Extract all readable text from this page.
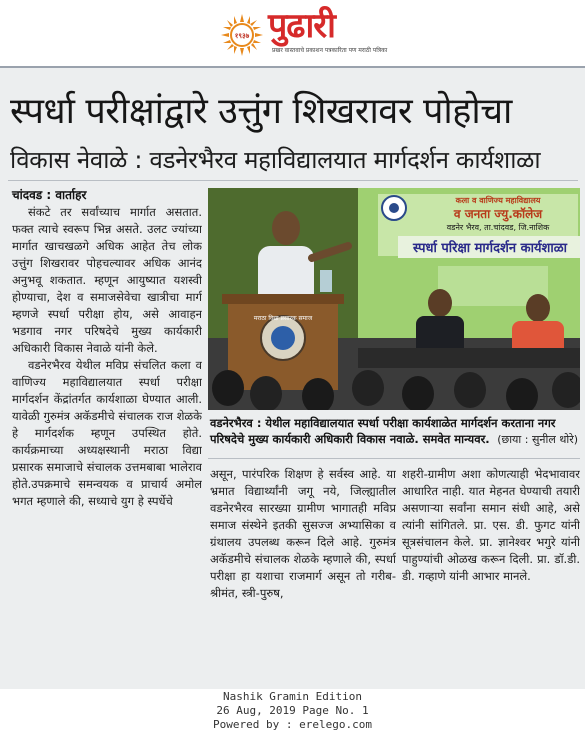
१९३७ पुढारी
प्रखर वास्तवाचे प्रकाशन पत्रकारिता पण मराठी पत्रिका
स्पर्धा परीक्षांद्वारे उत्तुंग शिखरावर पोहोचा
विकास नेवाळे : वडनेरभैरव महाविद्यालयात मार्गदर्शन कार्यशाळा
चांदवड : वार्ताहर

संकटे तर सर्वांच्याच मार्गात असतात. फक्त त्याचे स्वरूप भिन्न असते. उलट ज्यांच्या मार्गात खाचखळगे अधिक आहेत तेच लोक उत्तुंग शिखरावर पोहचल्यावर अधिक आनंद अनुभवू शकतात. म्हणून आयुष्यात यशस्वी होण्याचा, देश व समाजसेवेचा खात्रीचा मार्ग म्हणजे स्पर्धा परीक्षा होय, असे आवाहन भडगाव नगर परिषदेचे मुख्य कार्यकारी अधिकारी विकास नेवाळे यांनी केले.

वडनेरभैरव येथील मविप्र संचलित कला व वाणिज्य महाविद्यालयात स्पर्धा परीक्षा मार्गदर्शन केंद्रांतर्गत कार्यशाळा घेण्यात आली. यावेळी गुरुमंत्र अकॅडमीचे संचालक राज शेळके हे मार्गदर्शक म्हणून उपस्थित होते. कार्यक्रमाच्या अध्यक्षस्थानी मराठा विद्या प्रसारक समाजाचे संचालक उत्तमबाबा भालेराव होते.उपक्रमाचे समन्वयक व प्राचार्य अमोल भगत म्हणाले की, सध्याचे युग हे स्पर्धेचे

कला व वाणिज्य महाविद्यालय
व जनता ज्यु.कॉलेज
वडनेर भैरव, ता.चांदवड, जि.नाशिक
स्पर्धा परिक्षा मार्गदर्शन कार्यशाळा
मराठा विद्या प्रसारक समाज
वडनेरभैरव : येथील महाविद्यालयात स्पर्धा परीक्षा कार्यशाळेत मार्गदर्शन करताना नगर परिषदेचे मुख्य कार्यकारी अधिकारी विकास नवाळे. समवेत मान्यवर. (छाया : सुनील थोरे)
असून, पारंपरिक शिक्षण हे सर्वस्व आहे. या भ्रमात विद्यार्थ्यांनी जगू नये, जिल्ह्यातील वडनेरभैरव सारख्या ग्रामीण भागातही मविप्र समाज संस्थेने इतकी सुसज्ज अभ्यासिका व ग्रंथालय उपलब्ध करून दिले आहे. गुरुमंत्र अकॅडमीचे संचालक शेळके म्हणाले की, स्पर्धा परीक्षा हा यशाचा राजमार्ग असून तो गरीब-श्रीमंत, स्त्री-पुरुष,
शहरी-ग्रामीण अशा कोणत्याही भेदभावावर आधारित नाही. यात मेहनत घेण्याची तयारी असणाऱ्या सर्वांना समान संधी आहे, असे त्यांनी सांगितले. प्रा. एस. डी. फुगट यांनी सूत्रसंचालन केले. प्रा. ज्ञानेश्वर भगुरे यांनी पाहुण्यांची ओळख करून दिली. प्रा. डॉ.डी. डी. गव्हाणे यांनी आभार मानले.
Nashik Gramin Edition
26 Aug, 2019 Page No. 1
Powered by : erelego.com
